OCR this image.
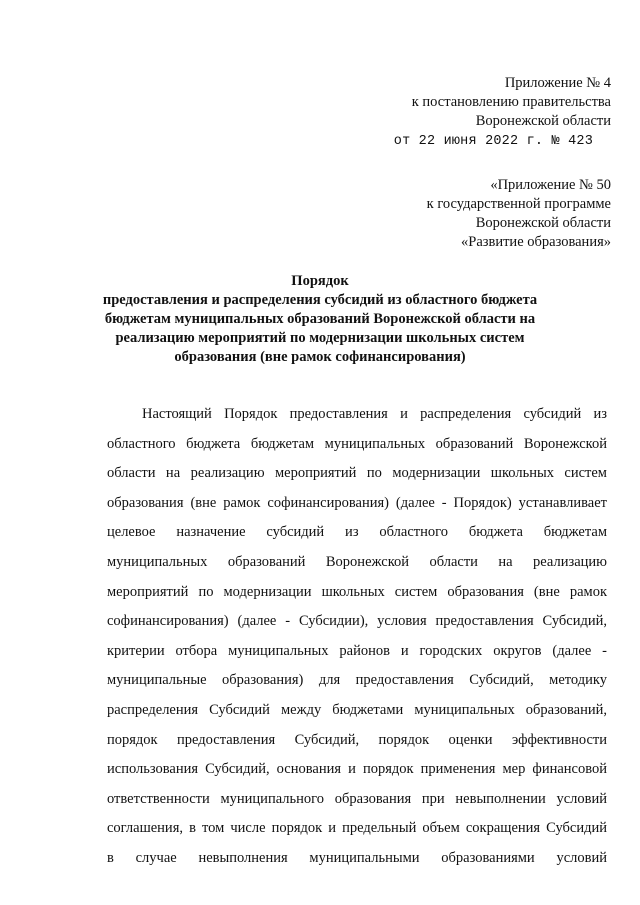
Приложение № 4
к постановлению правительства
Воронежской области
от 22 июня 2022 г. № 423
«Приложение № 50
к государственной программе
Воронежской области
«Развитие образования»
Порядок
предоставления и распределения субсидий из областного бюджета
бюджетам муниципальных образований Воронежской области на
реализацию мероприятий по модернизации школьных систем
образования (вне рамок софинансирования)
Настоящий Порядок предоставления и распределения субсидий из
областного бюджета бюджетам муниципальных образований Воронежской
области на реализацию мероприятий по модернизации школьных систем
образования (вне рамок софинансирования) (далее - Порядок) устанавливает
целевое назначение субсидий из областного бюджета бюджетам
муниципальных образований Воронежской области на реализацию
мероприятий по модернизации школьных систем образования (вне рамок
софинансирования) (далее - Субсидии), условия предоставления Субсидий,
критерии отбора муниципальных районов и городских округов (далее -
муниципальные образования) для предоставления Субсидий, методику
распределения Субсидий между бюджетами муниципальных образований,
порядок предоставления Субсидий, порядок оценки эффективности
использования Субсидий, основания и порядок применения мер финансовой
ответственности муниципального образования при невыполнении условий
соглашения, в том числе порядок и предельный объем сокращения Субсидий
в случае невыполнения муниципальными образованиями условий
